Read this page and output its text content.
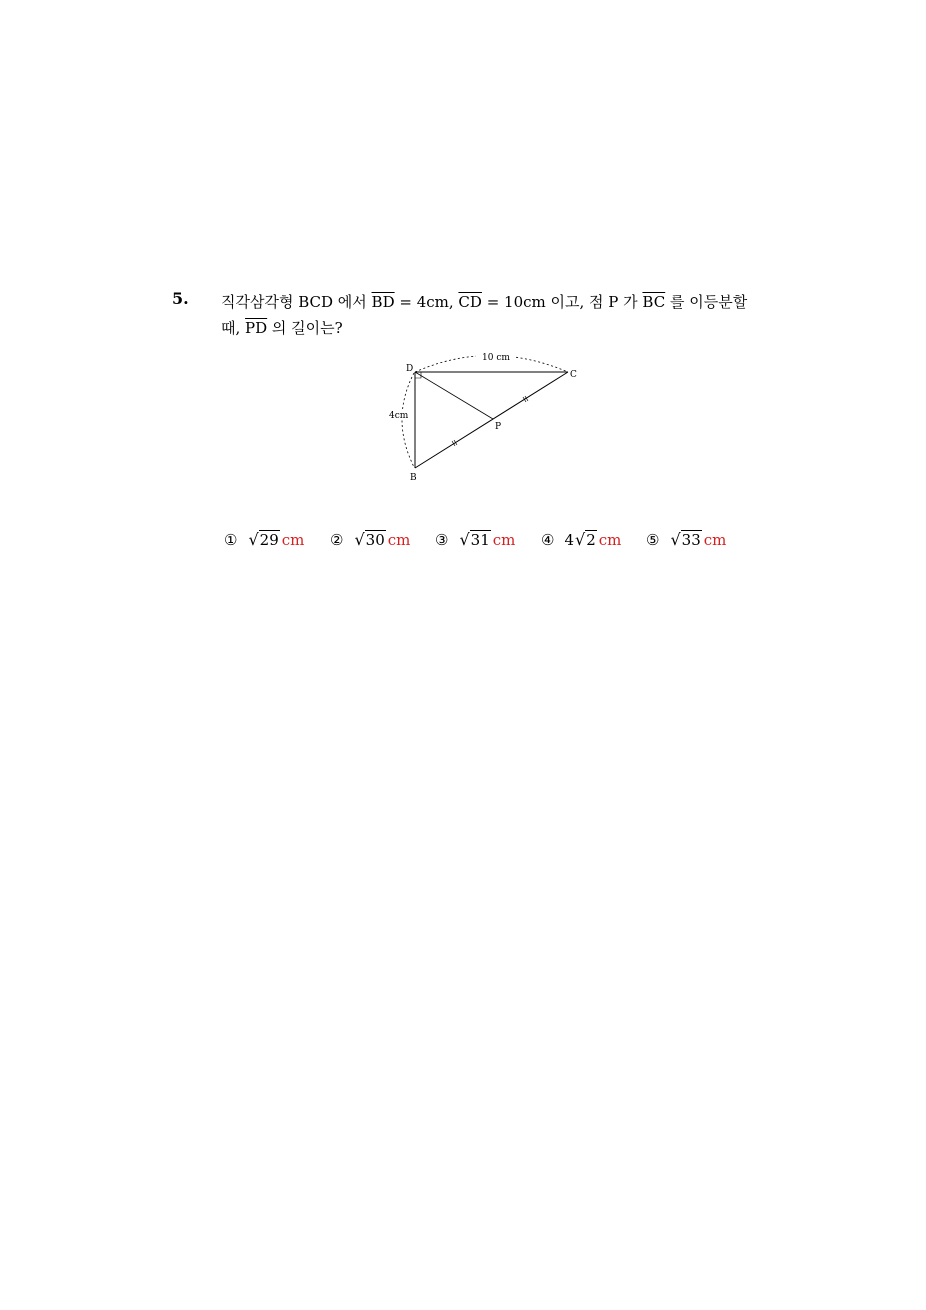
5. 직각삼각형 BCD 에서 $\overline{BD} = 4cm$, $\overline{CD} = 10cm$ 이고, 점 P 가 $\overline{BC}$ 를 이등분할
때, $\overline{PD}$ 의 길이는?
10 cm
4cm
D
C
B
P
① √29 cm ② √30 cm ③ √31 cm ④ 4√2 cm ⑤ √33 cm
